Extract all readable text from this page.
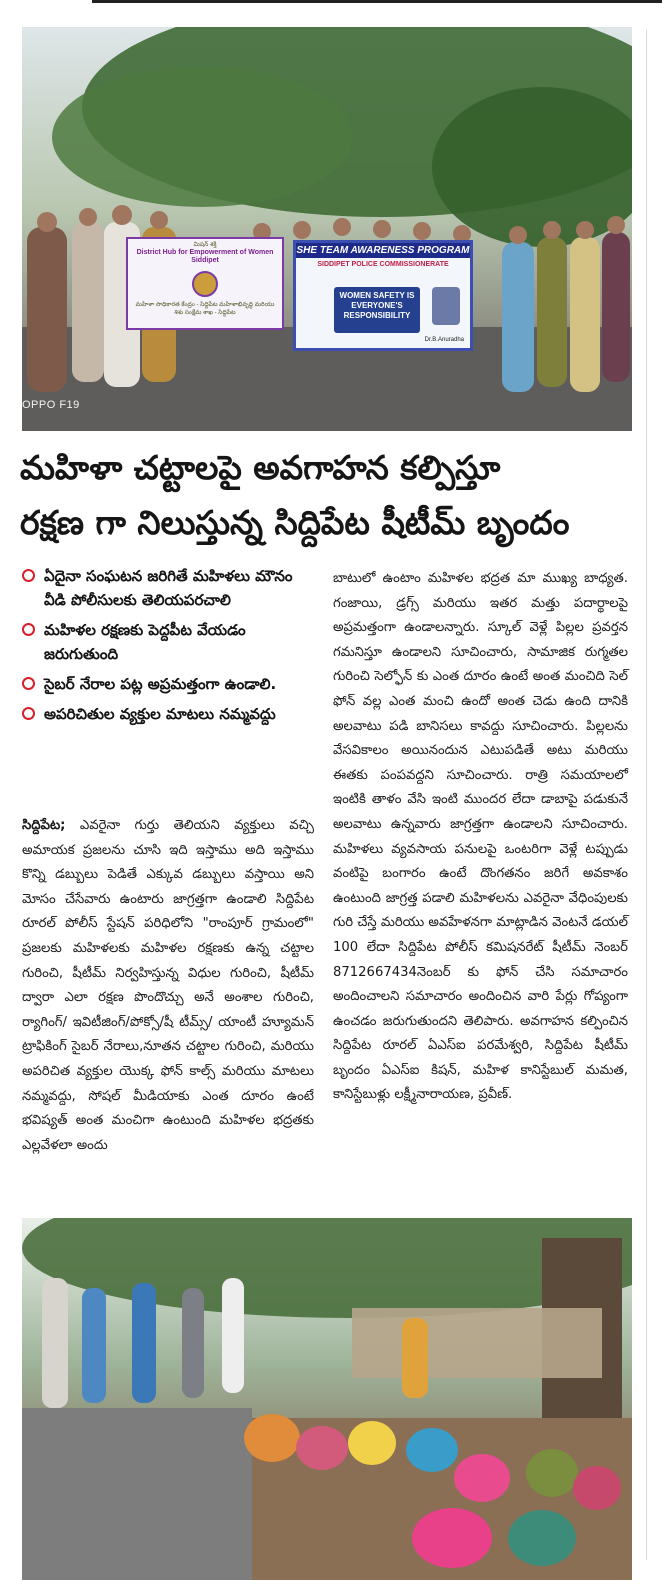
OPPO F19
మిషన్ శక్తి
District Hub for Empowerment of Women Siddipet
మహిళా సాధికారత కేంద్రం - సిద్దిపేట మహిళాభివృద్ధి మరియు శిశు సంక్షేమ శాఖ - సిద్దిపేట
SHE TEAM AWARENESS PROGRAM
SIDDIPET POLICE COMMISSIONERATE
WOMEN SAFETY IS EVERYONE'S RESPONSIBILITY
Dr.B.Anuradha
మహిళా చట్టాలపై అవగాహన కల్పిస్తూ
రక్షణ గా నిలుస్తున్న సిద్దిపేట షీటీమ్ బృందం
ఏదైనా సంఘటన జరిగితే మహిళలు మౌనం వీడి పోలీసులకు తెలియపరచాలి
మహిళల రక్షణకు పెద్దపీట వేయడం జరుగుతుంది
సైబర్ నేరాల పట్ల అప్రమత్తంగా ఉండాలి.
అపరిచితుల వ్యక్తుల మాటలు నమ్మవద్దు
సిద్దిపేట; ఎవరైనా గుర్తు తెలియని వ్యక్తులు వచ్చి అమాయక ప్రజలను చూసి ఇది ఇస్తాము అది ఇస్తాము కొన్ని డబ్బులు పెడితే ఎక్కువ డబ్బులు వస్తాయి అని మోసం చేసేవారు ఉంటారు జాగ్రత్తగా ఉండాలి సిద్దిపేట రూరల్ పోలీస్ స్టేషన్ పరిధిలోని "రాంపూర్ గ్రామంలో" ప్రజలకు మహిళలకు మహిళల రక్షణకు ఉన్న చట్టాల గురించి, షీటీమ్ నిర్వహిస్తున్న విధుల గురించి, షీటీమ్ ద్వారా ఎలా రక్షణ పొందొచ్చు అనే అంశాల గురించి, ర్యాగింగ్/ ఇవిటీజింగ్/పోక్సో/షీ టీమ్స్/ యాంటీ హ్యూమన్ ట్రాఫికింగ్ సైబర్ నేరాలు,నూతన చట్టాల గురించి, మరియు అపరిచిత వ్యక్తుల యొక్క ఫోన్ కాల్స్ మరియు మాటలు నమ్మవద్దు, సోషల్ మీడియాకు ఎంత దూరం ఉంటే భవిష్యత్ అంత మంచిగా ఉంటుంది మహిళల భద్రతకు ఎల్లవేళలా అందు
బాటులో ఉంటాం మహిళల భద్రత మా ముఖ్య బాధ్యత. గంజాయి, డ్రగ్స్ మరియు ఇతర మత్తు పదార్థాలపై అప్రమత్తంగా ఉండాలన్నారు. స్కూల్ వెళ్లే పిల్లల ప్రవర్తన గమనిస్తూ ఉండాలని సూచించారు, సామాజిక రుగ్మతల గురించి సెల్ఫోన్ కు ఎంత దూరం ఉంటే అంత మంచిది సెల్ ఫోన్ వల్ల ఎంత మంచి ఉందో అంత చెడు ఉంది దానికి అలవాటు పడి బానిసలు కావద్దు సూచించారు. పిల్లలను వేసవికాలం అయినందున ఎటుపడితే అటు మరియు ఈతకు పంపవద్దని సూచించారు. రాత్రి సమయాలలో ఇంటికి తాళం వేసి ఇంటి ముందర లేదా డాబాపై పడుకునే అలవాటు ఉన్నవారు జాగ్రత్తగా ఉండాలని సూచించారు. మహిళలు వ్యవసాయ పనులపై ఒంటరిగా వెళ్లే టప్పుడు వంటిపై బంగారం ఉంటే దొంగతనం జరిగే అవకాశం ఉంటుంది జాగ్రత్త పడాలి మహిళలను ఎవరైనా వేధింపులకు గురి చేస్తే మరియు అవహేళనగా మాట్లాడిన వెంటనే డయల్ 100 లేదా సిద్దిపేట పోలీస్ కమిషనరేట్ షీటీమ్ నెంబర్ 8712667434నెంబర్ కు ఫోన్ చేసి సమాచారం అందించాలని సమాచారం అందించిన వారి పేర్లు గోప్యంగా ఉంచడం జరుగుతుందని తెలిపారు. అవగాహన కల్పించిన సిద్దిపేట రూరల్ ఏఎస్ఐ పరమేశ్వరి, సిద్దిపేట షీటీమ్ బృందం ఏఎస్ఐ కిషన్, మహిళ కానిస్టేబుల్ మమత, కానిస్టేబుళ్లు లక్ష్మీనారాయణ, ప్రవీణ్.
